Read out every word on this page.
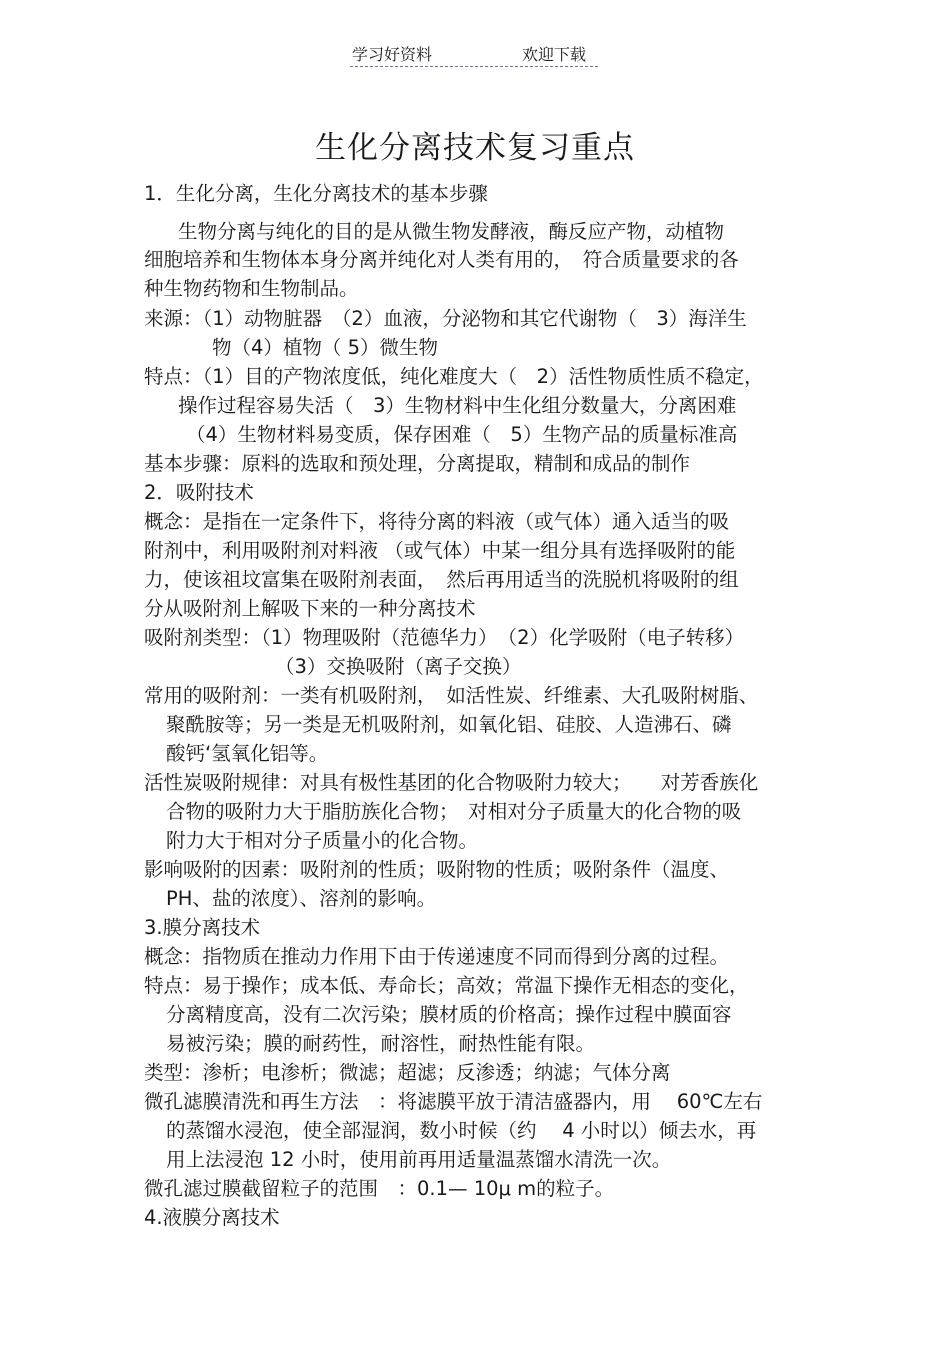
学习好资料	欢迎下载
生化分离技术复习重点
1．生化分离，生化分离技术的基本步骤
生物分离与纯化的目的是从微生物发酵液，酶反应产物，动植物
细胞培养和生物体本身分离并纯化对人类有用的，　符合质量要求的各
种生物药物和生物制品。
来源：（1）动物脏器　（2）血液，分泌物和其它代谢物（　3）海洋生
物（4）植物（ 5）微生物
特点：（1）目的产物浓度低，纯化难度大（　2）活性物质性质不稳定，
操作过程容易失活（　3）生物材料中生化组分数量大，分离困难
（4）生物材料易变质，保存困难（　5）生物产品的质量标准高
基本步骤：原料的选取和预处理，分离提取，精制和成品的制作
2．吸附技术
概念：是指在一定条件下，将待分离的料液（或气体）通入适当的吸
附剂中，利用吸附剂对料液 （或气体）中某一组分具有选择吸附的能
力，使该祖坟富集在吸附剂表面，　然后再用适当的洗脱机将吸附的组
分从吸附剂上解吸下来的一种分离技术
吸附剂类型：（1）物理吸附（范德华力）　（2）化学吸附（电子转移）
（3）交换吸附（离子交换）
常用的吸附剂：一类有机吸附剂，　如活性炭、纤维素、大孔吸附树脂、
聚酰胺等；另一类是无机吸附剂，如氧化铝、硅胶、人造沸石、磷
酸钙‘氢氧化铝等。
活性炭吸附规律：对具有极性基团的化合物吸附力较大；　　对芳香族化
合物的吸附力大于脂肪族化合物；　对相对分子质量大的化合物的吸
附力大于相对分子质量小的化合物。
影响吸附的因素：吸附剂的性质；吸附物的性质；吸附条件（温度、
PH、盐的浓度）、溶剂的影响。
3.膜分离技术
概念：指物质在推动力作用下由于传递速度不同而得到分离的过程。
特点：易于操作；成本低、寿命长；高效；常温下操作无相态的变化，
分离精度高，没有二次污染；膜材质的价格高；操作过程中膜面容
易被污染；膜的耐药性，耐溶性，耐热性能有限。
类型：渗析；电渗析；微滤；超滤；反渗透；纳滤；气体分离
微孔滤膜清洗和再生方法　：将滤膜平放于清洁盛器内，用　 60℃左右
的蒸馏水浸泡，使全部湿润，数小时候（约　 4 小时以）倾去水，再
用上法浸泡 12 小时，使用前再用适量温蒸馏水清洗一次。
微孔滤过膜截留粒子的范围　：0.1— 10μ m的粒子。
4.液膜分离技术
